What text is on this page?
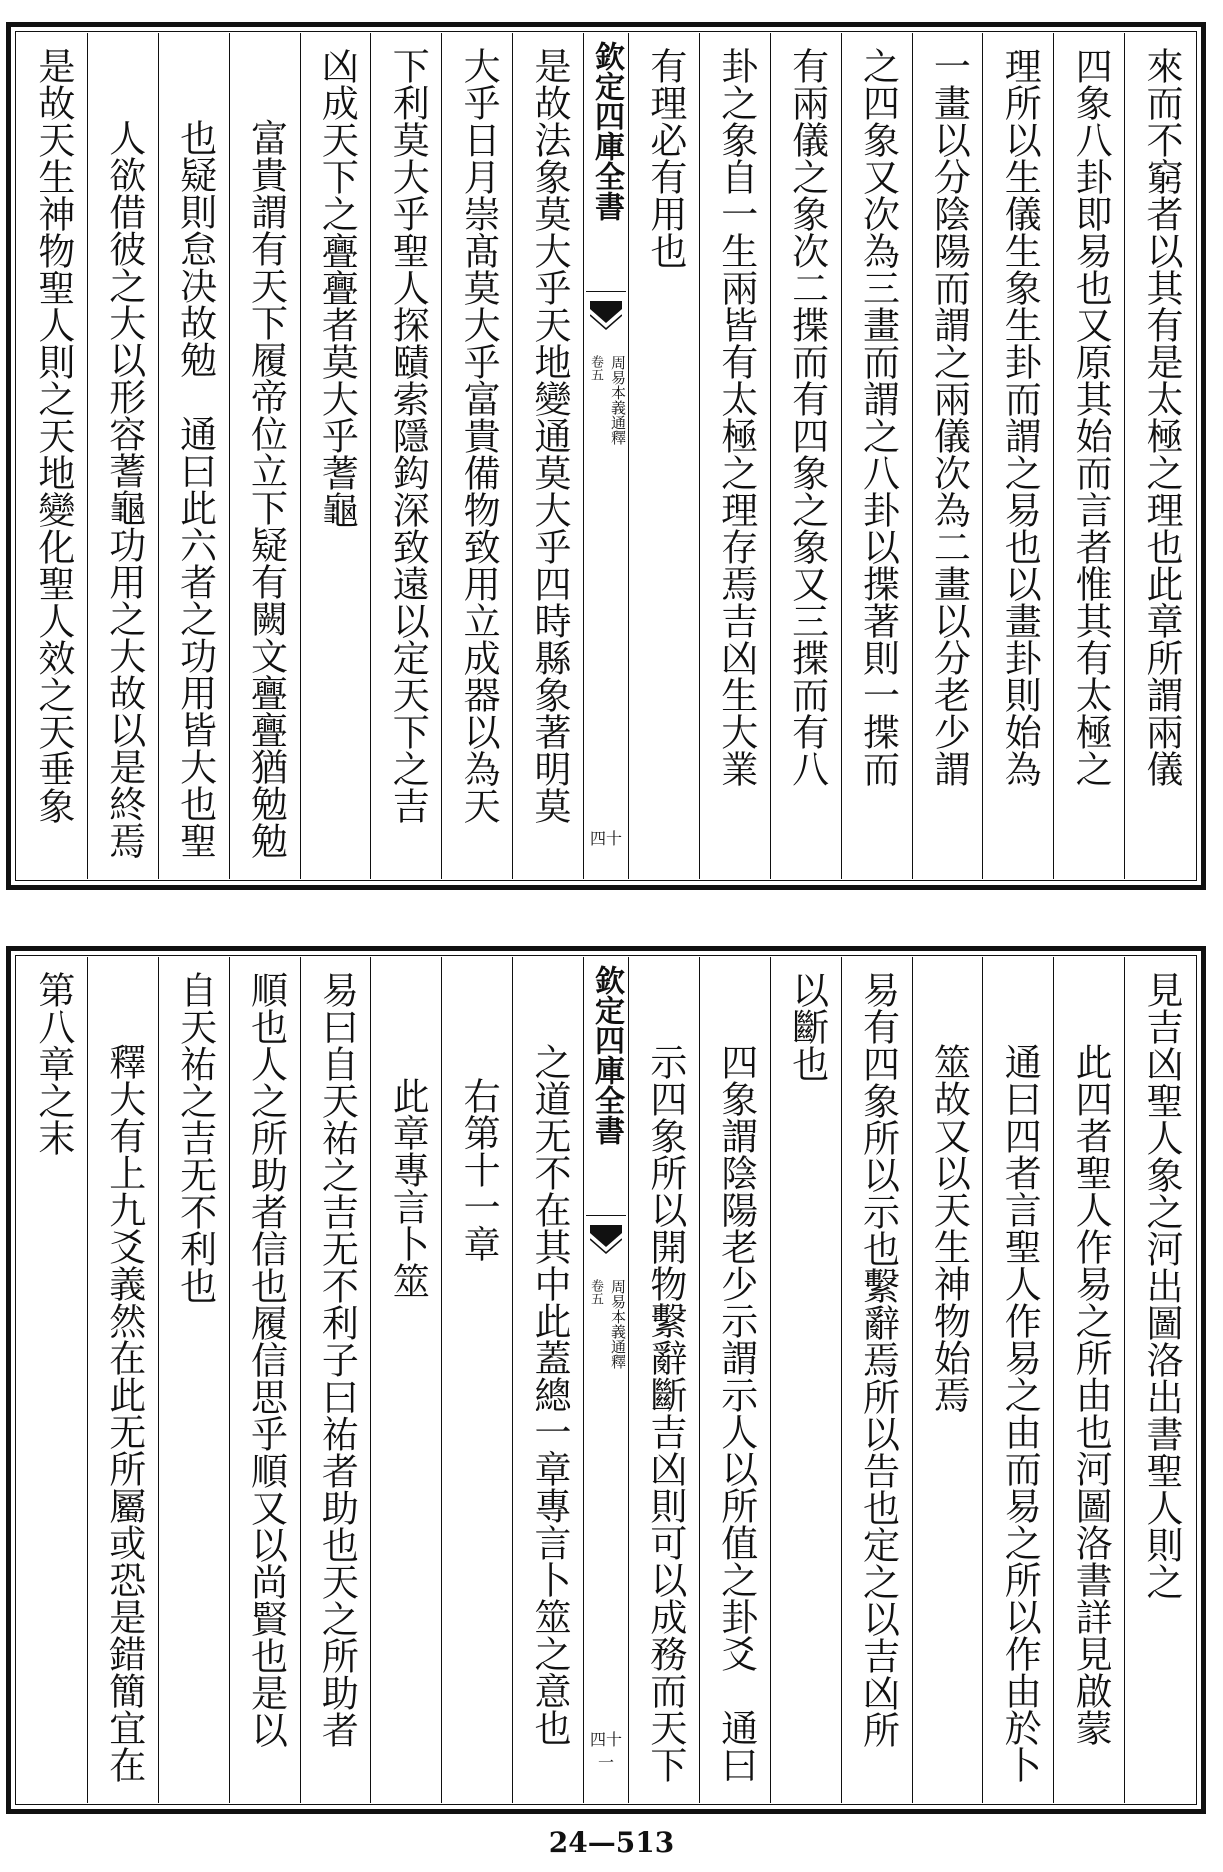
來而不窮者以其有是太極之理也此章所謂兩儀
四象八卦即易也又原其始而言者惟其有太極之
理所以生儀生象生卦而謂之易也以畫卦則始為
一畫以分陰陽而謂之兩儀次為二畫以分老少謂
之四象又次為三畫而謂之八卦以揲著則一揲而
有兩儀之象次二揲而有四象之象又三揲而有八
卦之象自一生兩皆有太極之理存焉吉凶生大業
有理必有用也
欽定四庫全書
周易本義通釋
卷五
四十
是故法象莫大乎天地變通莫大乎四時縣象著明莫
大乎日月崇髙莫大乎富貴備物致用立成器以為天
下利莫大乎聖人探賾索隱鈎深致遠以定天下之吉
凶成天下之亹亹者莫大乎蓍龜
富貴謂有天下履帝位立下疑有闕文亹亹猶勉勉
也疑則怠决故勉　通曰此六者之功用皆大也聖
人欲借彼之大以形容蓍龜功用之大故以是終焉
是故天生神物聖人則之天地變化聖人效之天垂象
見吉凶聖人象之河出圖洛出書聖人則之
此四者聖人作易之所由也河圖洛書詳見啟蒙
通曰四者言聖人作易之由而易之所以作由於卜
筮故又以天生神物始焉
易有四象所以示也繫辭焉所以告也定之以吉凶所
以斷也
四象謂陰陽老少示謂示人以所值之卦爻　通曰
示四象所以開物繫辭斷吉凶則可以成務而天下
欽定四庫全書
周易本義通釋
卷五
四十一
之道无不在其中此蓋總一章專言卜筮之意也
右第十一章
此章專言卜筮
易曰自天祐之吉无不利子曰祐者助也天之所助者
順也人之所助者信也履信思乎順又以尚賢也是以
自天祐之吉无不利也
釋大有上九爻義然在此无所屬或恐是錯簡宜在
第八章之末
24—513
